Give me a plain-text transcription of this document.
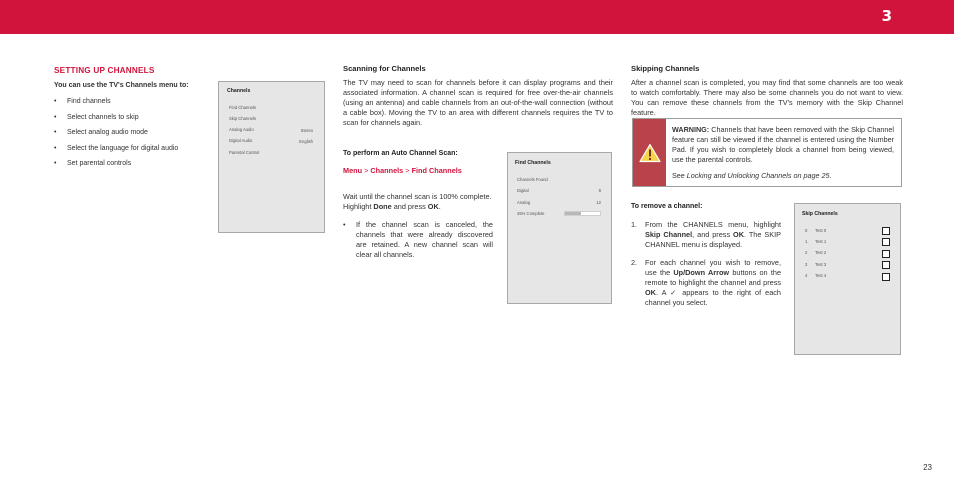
3
SETTING UP CHANNELS
You can use the TV's Channels menu to:
• Find channels
• Select channels to skip
• Select analog audio mode
• Select the language for digital audio
• Set parental controls
Channels
Find Channels
Skip Channels
Analog Audio	Stereo
Digital Audio	English
Parental Control
Scanning for Channels

The TV may need to scan for channels before it can display programs and their associated information. A channel scan is required for free over-the-air channels (using an antenna) and cable channels from an out-of-the-wall connection (without a cable box). Moving the TV to an area with different channels requires the TV to scan for channels again.

To perform an Auto Channel Scan:
Menu > Channels > Find Channels

Wait until the channel scan is 100% complete. Highlight Done and press OK.

• If the channel scan is canceled, the channels that were already discovered are retained. A new channel scan will clear all channels.
Find Channels
Channels Found
Digital	8
Analog	12
45% Complete
Skipping Channels

After a channel scan is completed, you may find that some channels are too weak to watch comfortably. There may also be some channels you do not want to view. You can remove these channels from the TV's memory with the Skip Channel feature.

WARNING: Channels that have been removed with the Skip Channel feature can still be viewed if the channel is entered using the Number Pad. If you wish to completely block a channel from being viewed, use the parental controls.
See Locking and Unlocking Channels on page 25.
To remove a channel:
1. From the CHANNELS menu, highlight Skip Channel, and press OK. The SKIP CHANNEL menu is displayed.
2. For each channel you wish to remove, use the Up/Down Arrow buttons on the remote to highlight the channel and press OK. A ✓ appears to the right of each channel you select.
Skip Channels
0 Test 0
1 Test 1
2 Test 2
3 Test 3
4 Test 4
23
